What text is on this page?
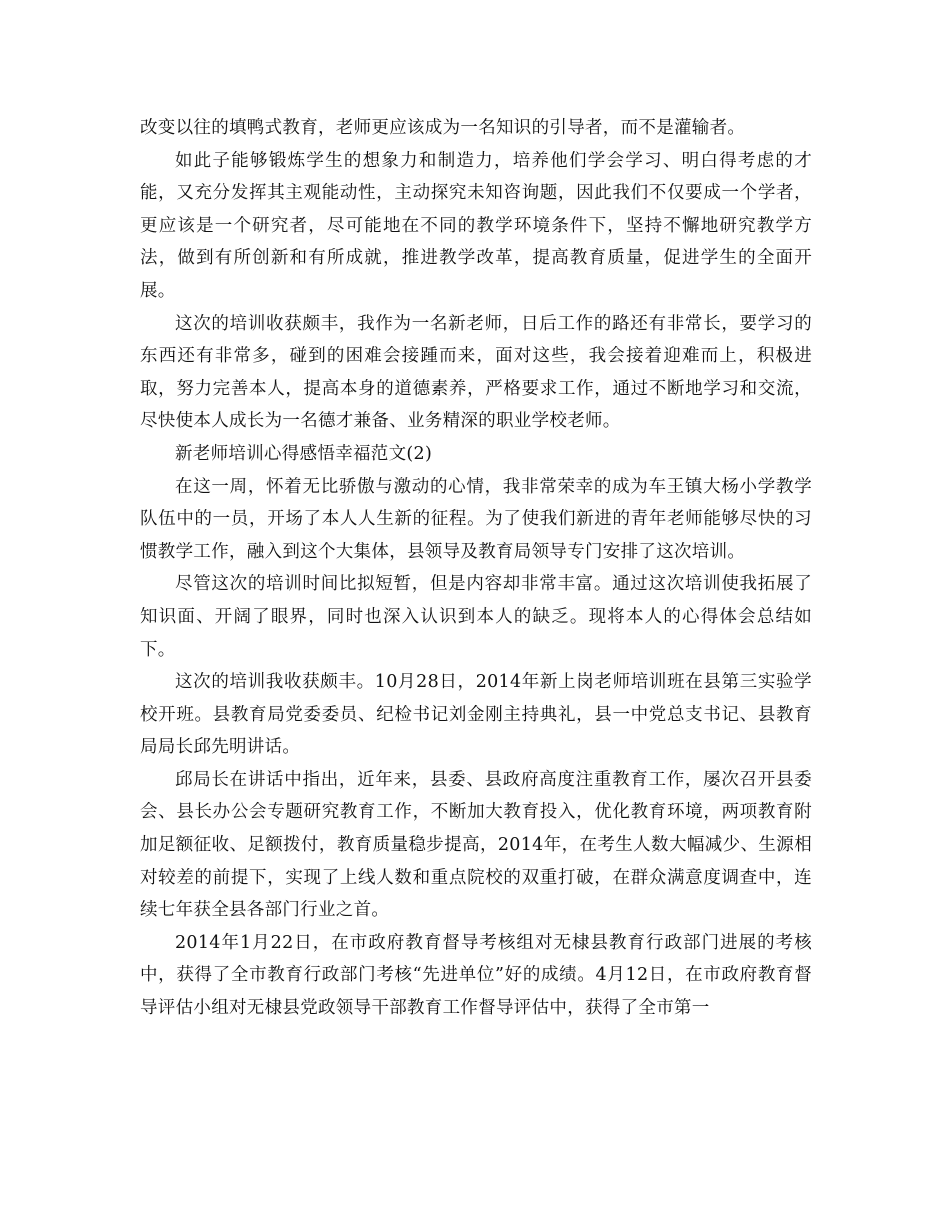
改变以往的填鸭式教育，老师更应该成为一名知识的引导者，而不是灌输者。

如此子能够锻炼学生的想象力和制造力，培养他们学会学习、明白得考虑的才能，又充分发挥其主观能动性，主动探究未知咨询题，因此我们不仅要成一个学者，更应该是一个研究者，尽可能地在不同的教学环境条件下，坚持不懈地研究教学方法，做到有所创新和有所成就，推进教学改革，提高教育质量，促进学生的全面开展。

这次的培训收获颇丰，我作为一名新老师，日后工作的路还有非常长，要学习的东西还有非常多，碰到的困难会接踵而来，面对这些，我会接着迎难而上，积极进取，努力完善本人，提高本身的道德素养，严格要求工作，通过不断地学习和交流，尽快使本人成长为一名德才兼备、业务精深的职业学校老师。

新老师培训心得感悟幸福范文(2)

在这一周，怀着无比骄傲与激动的心情，我非常荣幸的成为车王镇大杨小学教学队伍中的一员，开场了本人人生新的征程。为了使我们新进的青年老师能够尽快的习惯教学工作，融入到这个大集体，县领导及教育局领导专门安排了这次培训。

尽管这次的培训时间比拟短暂，但是内容却非常丰富。通过这次培训使我拓展了知识面、开阔了眼界，同时也深入认识到本人的缺乏。现将本人的心得体会总结如下。

这次的培训我收获颇丰。10月28日，2014年新上岗老师培训班在县第三实验学校开班。县教育局党委委员、纪检书记刘金刚主持典礼，县一中党总支书记、县教育局局长邱先明讲话。

邱局长在讲话中指出，近年来，县委、县政府高度注重教育工作，屡次召开县委会、县长办公会专题研究教育工作，不断加大教育投入，优化教育环境，两项教育附加足额征收、足额拨付，教育质量稳步提高，2014年，在考生人数大幅减少、生源相对较差的前提下，实现了上线人数和重点院校的双重打破，在群众满意度调查中，连续七年获全县各部门行业之首。

2014年1月22日，在市政府教育督导考核组对无棣县教育行政部门进展的考核中，获得了全市教育行政部门考核“先进单位”好的成绩。4月12日，在市政府教育督导评估小组对无棣县党政领导干部教育工作督导评估中，获得了全市第一
